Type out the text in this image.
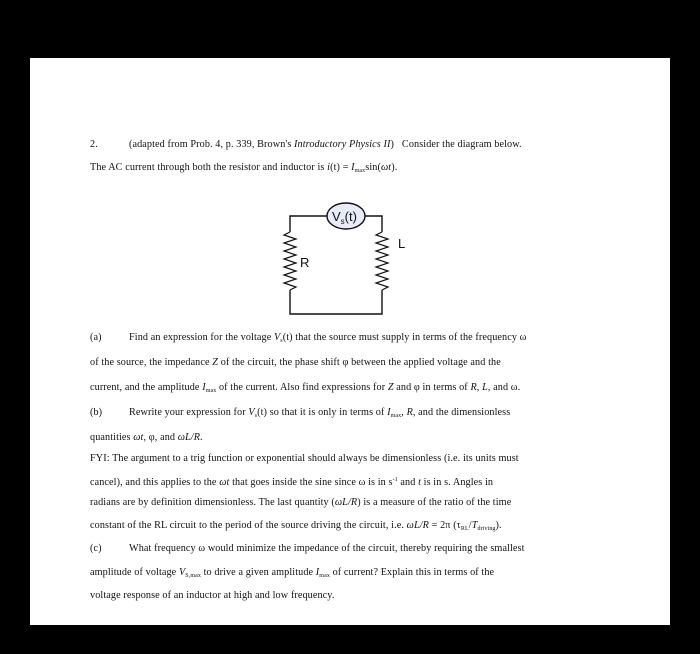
2.	(adapted from Prob. 4, p. 339, Brown's Introductory Physics II) Consider the diagram below.
The AC current through both the resistor and inductor is $i(t) = I_{max}\sin(\omega t)$.
$V_s(t)$
R
L
(a)	Find an expression for the voltage $V_s(t)$ that the source must supply in terms of the frequency ω
of the source, the impedance Z of the circuit, the phase shift φ between the applied voltage and the
current, and the amplitude $I_{max}$ of the current. Also find expressions for Z and φ in terms of R, L, and ω.
(b)	Rewrite your expression for $V_s(t)$ so that it is only in terms of $I_{max}$, R, and the dimensionless
quantities ωt, φ, and ωL/R.
FYI: The argument to a trig function or exponential should always be dimensionless (i.e. its units must
cancel), and this applies to the ωt that goes inside the sine since ω is in $s^{-1}$ and t is in s. Angles in
radians are by definition dimensionless. The last quantity (ωL/R) is a measure of the ratio of the time
constant of the RL circuit to the period of the source driving the circuit, i.e. ωL/R = 2π $(\tau_{RL}/T_{driving})$.
(c)	What frequency ω would minimize the impedance of the circuit, thereby requiring the smallest
amplitude of voltage $V_{S,max}$ to drive a given amplitude $I_{max}$ of current? Explain this in terms of the
voltage response of an inductor at high and low frequency.
